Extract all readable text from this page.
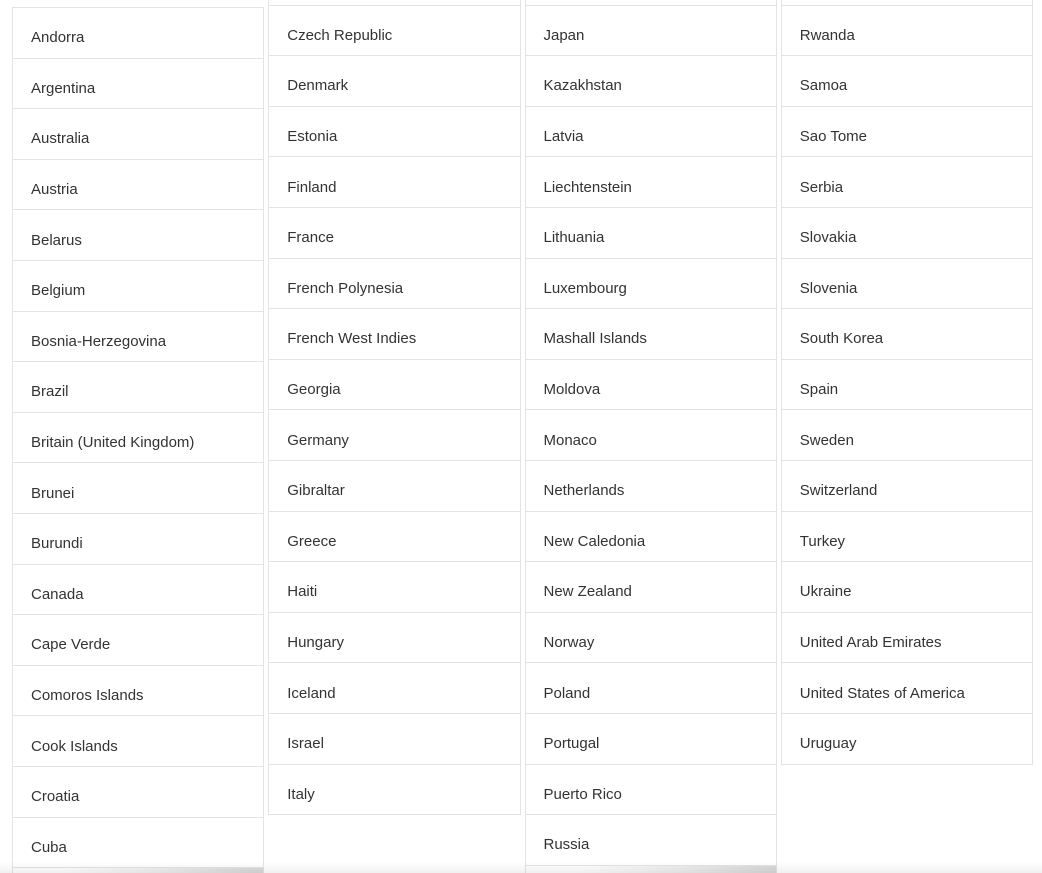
Andorra
Argentina
Australia
Austria
Belarus
Belgium
Bosnia-Herzegovina
Brazil
Britain (United Kingdom)
Brunei
Burundi
Canada
Cape Verde
Comoros Islands
Cook Islands
Croatia
Cuba
Czech Republic
Denmark
Estonia
Finland
France
French Polynesia
French West Indies
Georgia
Germany
Gibraltar
Greece
Haiti
Hungary
Iceland
Israel
Italy
Japan
Kazakhstan
Latvia
Liechtenstein
Lithuania
Luxembourg
Mashall Islands
Moldova
Monaco
Netherlands
New Caledonia
New Zealand
Norway
Poland
Portugal
Puerto Rico
Russia
Rwanda
Samoa
Sao Tome
Serbia
Slovakia
Slovenia
South Korea
Spain
Sweden
Switzerland
Turkey
Ukraine
United Arab Emirates
United States of America
Uruguay
